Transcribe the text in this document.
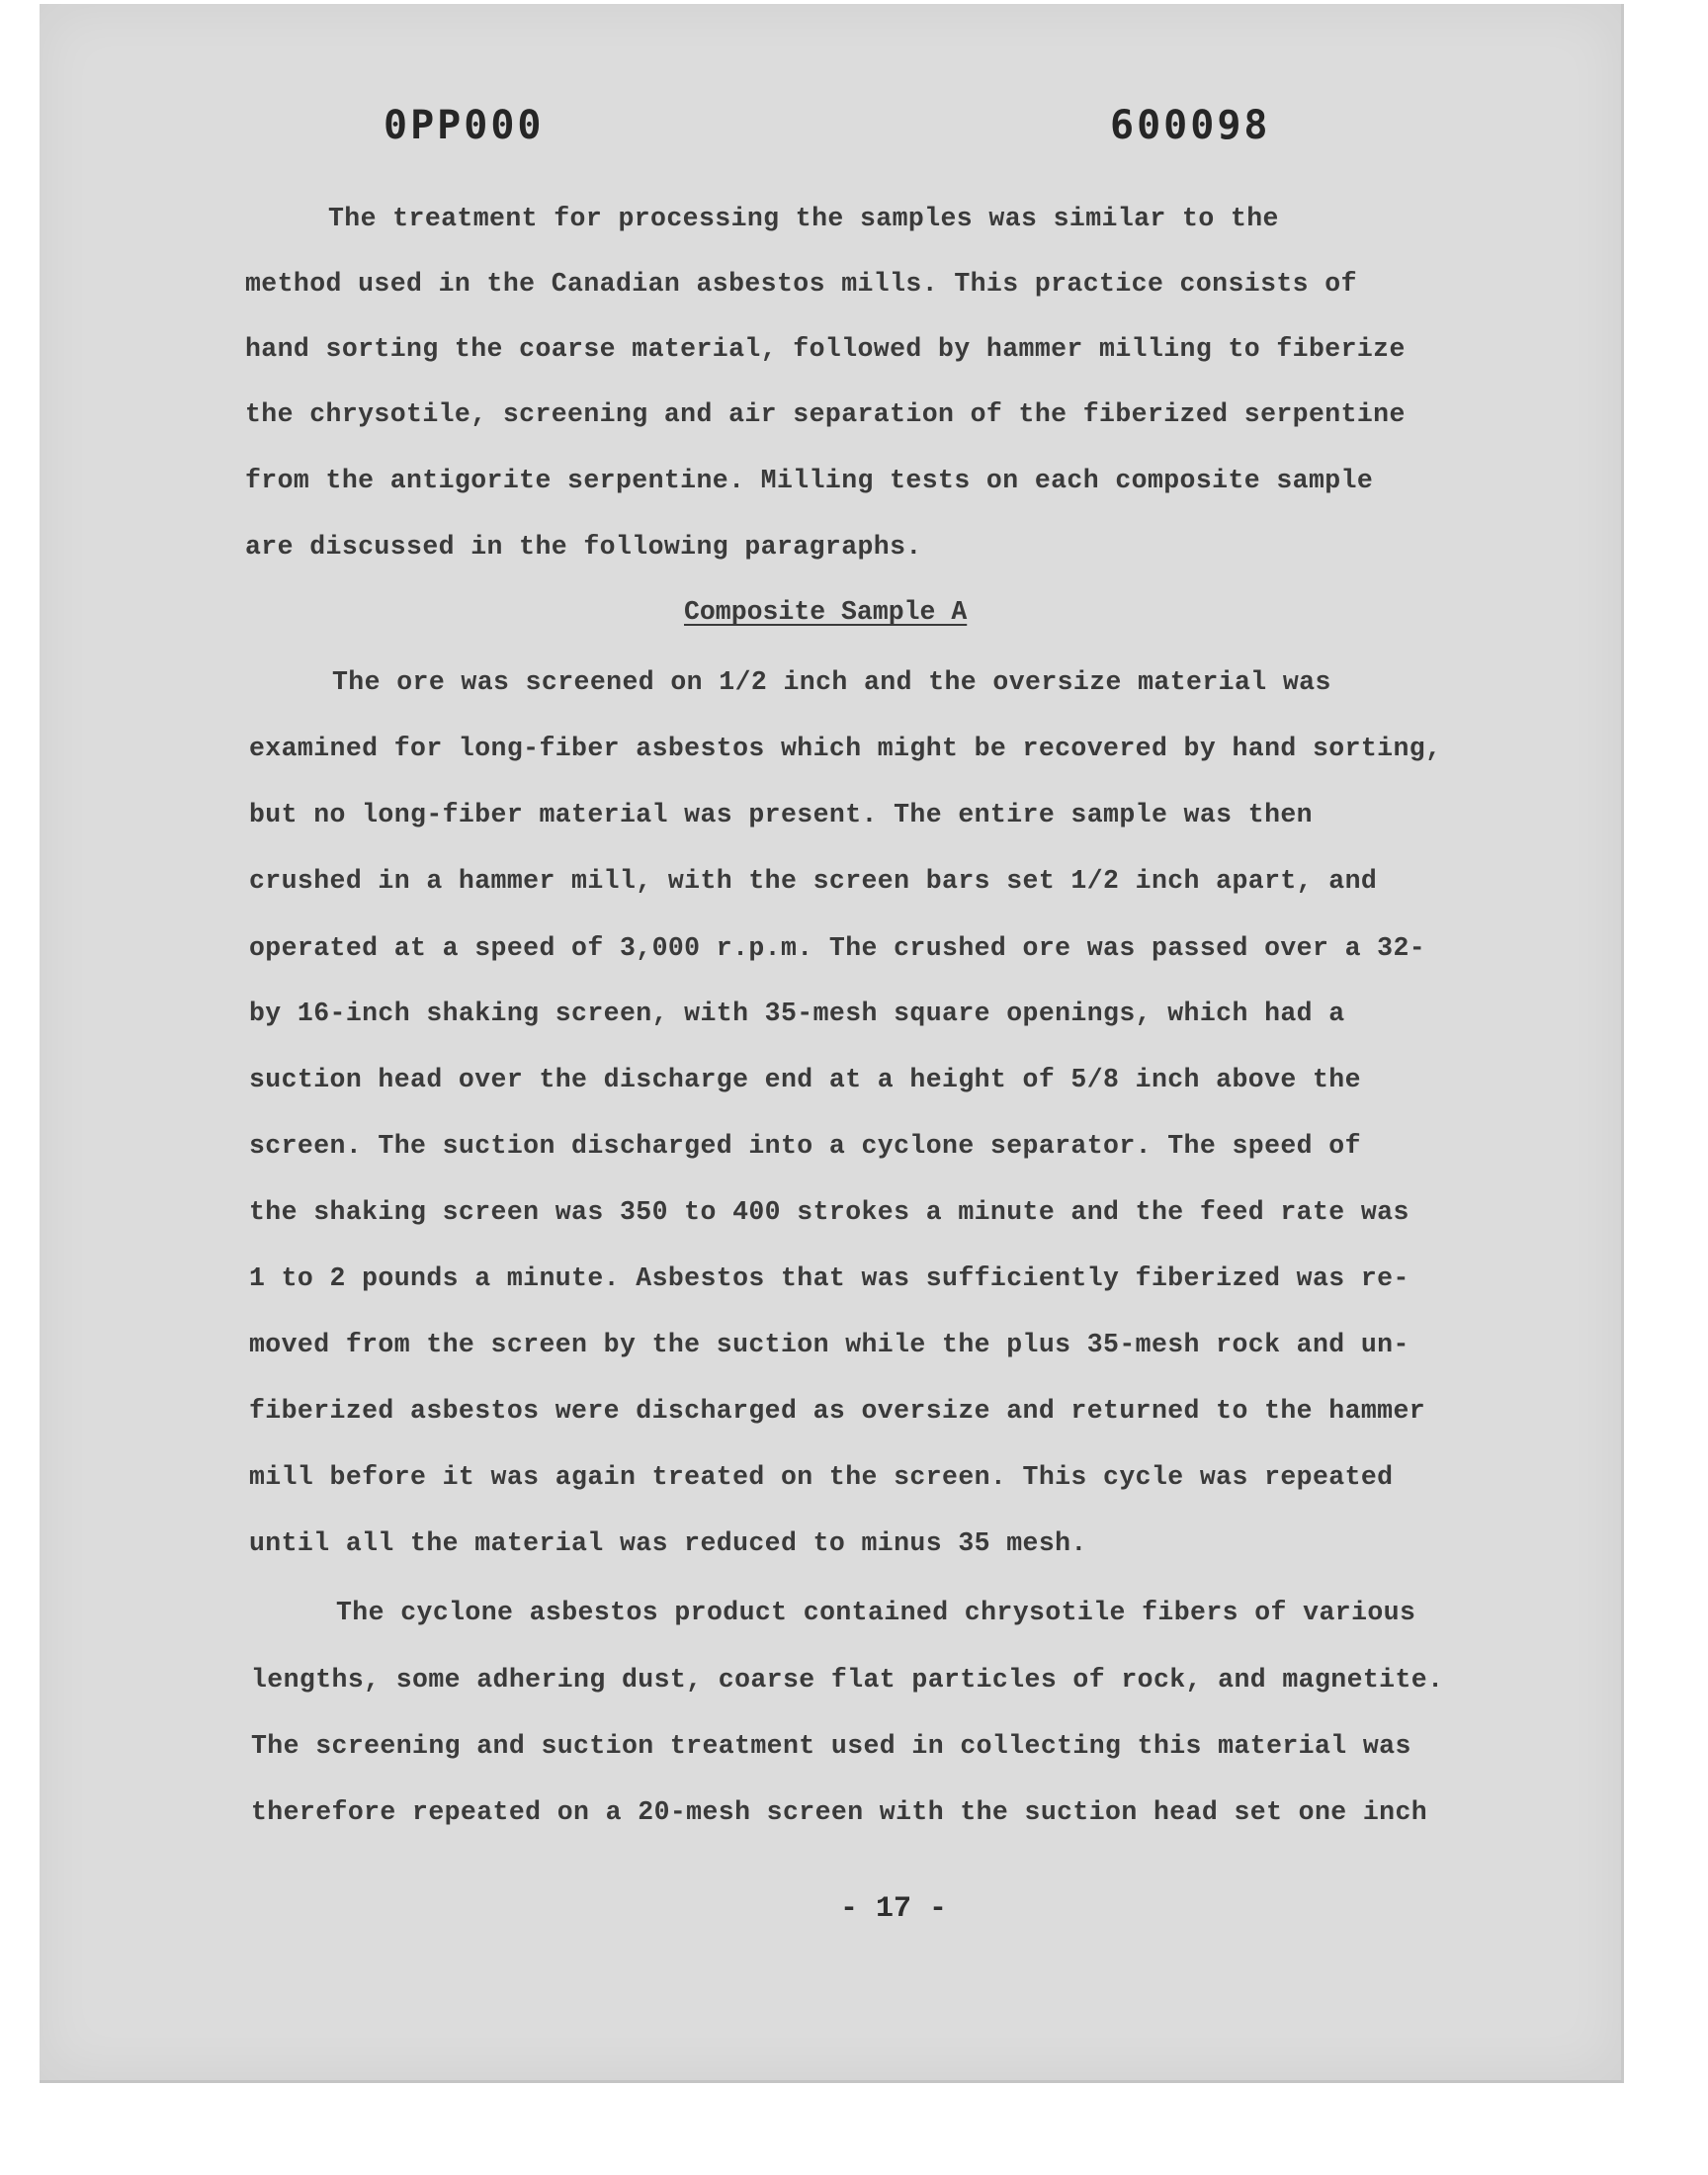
0PP000	600098
The treatment for processing the samples was similar to the
method used in the Canadian asbestos mills. This practice consists of
hand sorting the coarse material, followed by hammer milling to fiberize
the chrysotile, screening and air separation of the fiberized serpentine
from the antigorite serpentine. Milling tests on each composite sample
are discussed in the following paragraphs.
Composite Sample A
The ore was screened on 1/2 inch and the oversize material was
examined for long-fiber asbestos which might be recovered by hand sorting,
but no long-fiber material was present. The entire sample was then
crushed in a hammer mill, with the screen bars set 1/2 inch apart, and
operated at a speed of 3,000 r.p.m. The crushed ore was passed over a 32-
by 16-inch shaking screen, with 35-mesh square openings, which had a
suction head over the discharge end at a height of 5/8 inch above the
screen. The suction discharged into a cyclone separator. The speed of
the shaking screen was 350 to 400 strokes a minute and the feed rate was
1 to 2 pounds a minute. Asbestos that was sufficiently fiberized was re-
moved from the screen by the suction while the plus 35-mesh rock and un-
fiberized asbestos were discharged as oversize and returned to the hammer
mill before it was again treated on the screen. This cycle was repeated
until all the material was reduced to minus 35 mesh.
The cyclone asbestos product contained chrysotile fibers of various
lengths, some adhering dust, coarse flat particles of rock, and magnetite.
The screening and suction treatment used in collecting this material was
therefore repeated on a 20-mesh screen with the suction head set one inch
- 17 -
